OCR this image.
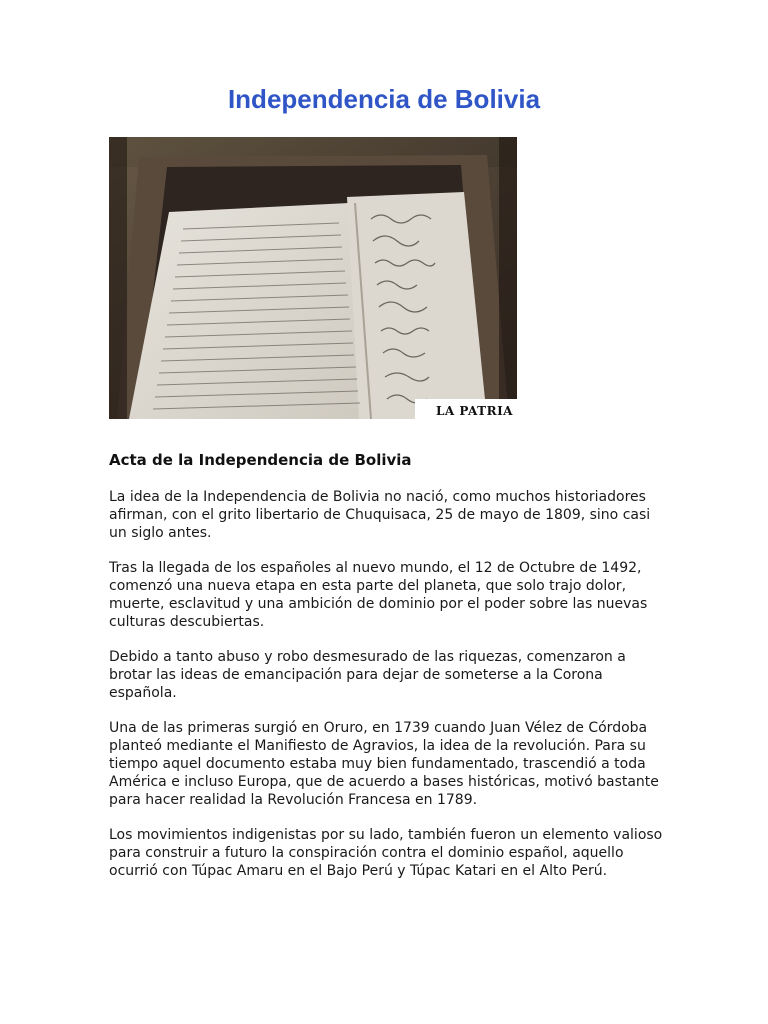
Independencia de Bolivia
LA PATRIA
Acta de la Independencia de Bolivia

La idea de la Independencia de Bolivia no nació, como muchos historiadores afirman, con el grito libertario de Chuquisaca, 25 de mayo de 1809, sino casi un siglo antes.

Tras la llegada de los españoles al nuevo mundo, el 12 de Octubre de 1492, comenzó una nueva etapa en esta parte del planeta, que solo trajo dolor, muerte, esclavitud y una ambición de dominio por el poder sobre las nuevas culturas descubiertas.

Debido a tanto abuso y robo desmesurado de las riquezas, comenzaron a brotar las ideas de emancipación para dejar de someterse a la Corona española.

Una de las primeras surgió en Oruro, en 1739 cuando Juan Vélez de Córdoba planteó mediante el Manifiesto de Agravios, la idea de la revolución. Para su tiempo aquel documento estaba muy bien fundamentado, trascendió a toda América e incluso Europa, que de acuerdo a bases históricas, motivó bastante para hacer realidad la Revolución Francesa en 1789.

Los movimientos indigenistas por su lado, también fueron un elemento valioso para construir a futuro la conspiración contra el dominio español, aquello ocurrió con Túpac Amaru en el Bajo Perú y Túpac Katari en el Alto Perú.
